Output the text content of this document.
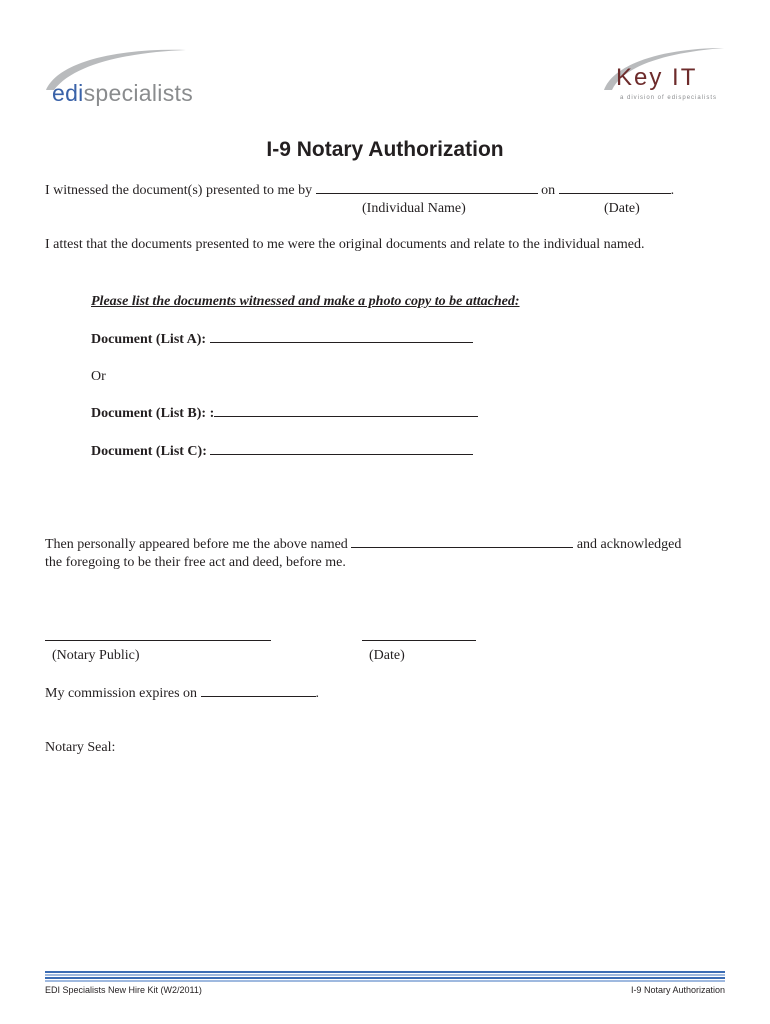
edispecialists
Key IT
a division of edispecialists
I-9 Notary Authorization
I witnessed the document(s) presented to me by	on	.
(Individual Name)	(Date)
I attest that the documents presented to me were the original documents and relate to the individual named.
Please list the documents witnessed and make a photo copy to be attached:
Document (List A):
Or
Document (List B): :
Document (List C):
Then personally appeared before me the above named	and acknowledged
the foregoing to be their free act and deed, before me.
(Notary Public)	(Date)
My commission expires on	.
Notary Seal:
EDI Specialists New Hire Kit (W2/2011)	I-9 Notary Authorization
